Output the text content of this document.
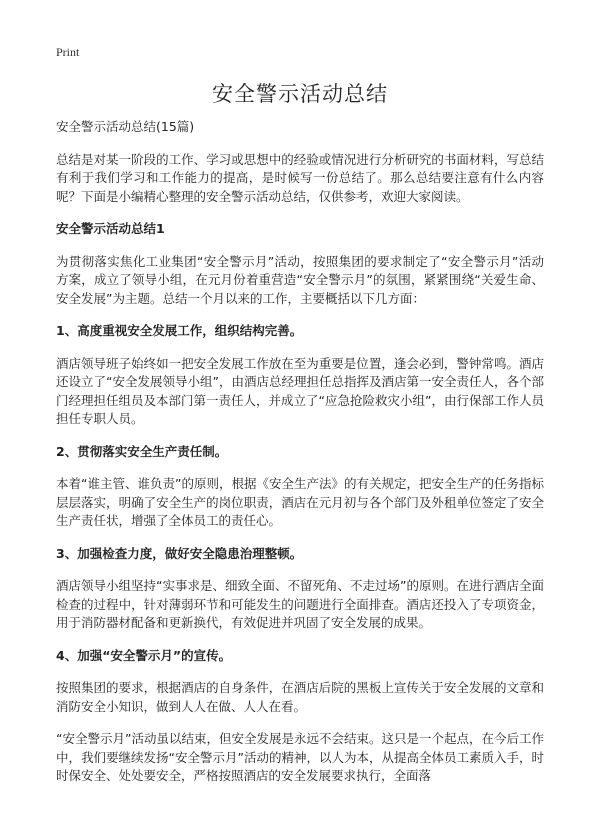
Print
安全警示活动总结

安全警示活动总结(15篇)

总结是对某一阶段的工作、学习或思想中的经验或情况进行分析研究的书面材料，写总结有利于我们学习和工作能力的提高，是时候写一份总结了。那么总结要注意有什么内容呢？下面是小编精心整理的安全警示活动总结，仅供参考，欢迎大家阅读。

安全警示活动总结1

为贯彻落实焦化工业集团“安全警示月”活动，按照集团的要求制定了“安全警示月”活动方案，成立了领导小组，在元月份着重营造“安全警示月”的氛围，紧紧围绕“关爱生命、安全发展”为主题。总结一个月以来的工作，主要概括以下几方面：

1、高度重视安全发展工作，组织结构完善。

酒店领导班子始终如一把安全发展工作放在至为重要是位置，逢会必到，警钟常鸣。酒店还设立了“安全发展领导小组”，由酒店总经理担任总指挥及酒店第一安全责任人，各个部门经理担任组员及本部门第一责任人，并成立了“应急抢险救灾小组”，由行保部工作人员担任专职人员。

2、贯彻落实安全生产责任制。

本着“谁主管、谁负责”的原则，根据《安全生产法》的有关规定，把安全生产的任务指标层层落实，明确了安全生产的岗位职责，酒店在元月初与各个部门及外租单位签定了安全生产责任状，增强了全体员工的责任心。

3、加强检查力度，做好安全隐患治理整顿。

酒店领导小组坚持“实事求是、细致全面、不留死角、不走过场”的原则。在进行酒店全面检查的过程中，针对薄弱环节和可能发生的问题进行全面排查。酒店还投入了专项资金，用于消防器材配备和更新换代，有效促进并巩固了安全发展的成果。

4、加强“安全警示月”的宣传。

按照集团的要求，根据酒店的自身条件，在酒店后院的黑板上宣传关于安全发展的文章和消防安全小知识，做到人人在做、人人在看。

“安全警示月”活动虽以结束，但安全发展是永远不会结束。这只是一个起点，在今后工作中，我们要继续发扬“安全警示月”活动的精神，以人为本，从提高全体员工素质入手，时时保安全、处处要安全，严格按照酒店的安全发展要求执行，全面落
